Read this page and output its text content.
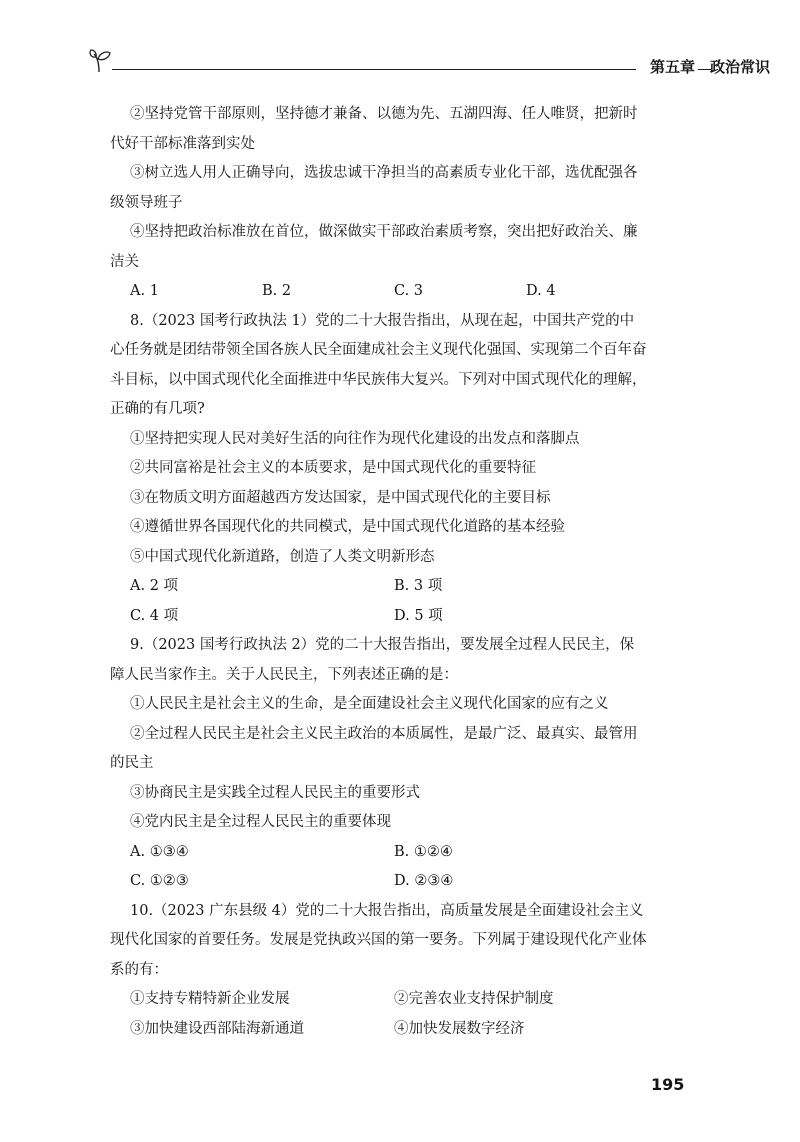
第五章　政治常识

②坚持党管干部原则，坚持德才兼备、以德为先、五湖四海、任人唯贤，把新时

代好干部标准落到实处

③树立选人用人正确导向，选拔忠诚干净担当的高素质专业化干部，选优配强各

级领导班子

④坚持把政治标准放在首位，做深做实干部政治素质考察，突出把好政治关、廉

洁关

A. 1	B. 2	C. 3	D. 4

8.（2023 国考行政执法 1）党的二十大报告指出，从现在起，中国共产党的中

心任务就是团结带领全国各族人民全面建成社会主义现代化强国、实现第二个百年奋

斗目标，以中国式现代化全面推进中华民族伟大复兴。下列对中国式现代化的理解，

正确的有几项?

①坚持把实现人民对美好生活的向往作为现代化建设的出发点和落脚点

②共同富裕是社会主义的本质要求，是中国式现代化的重要特征

③在物质文明方面超越西方发达国家，是中国式现代化的主要目标

④遵循世界各国现代化的共同模式，是中国式现代化道路的基本经验

⑤中国式现代化新道路，创造了人类文明新形态

A. 2 项	B. 3 项
C. 4 项	D. 5 项

9.（2023 国考行政执法 2）党的二十大报告指出，要发展全过程人民民主，保

障人民当家作主。关于人民民主，下列表述正确的是：

①人民民主是社会主义的生命，是全面建设社会主义现代化国家的应有之义

②全过程人民民主是社会主义民主政治的本质属性，是最广泛、最真实、最管用

的民主

③协商民主是实践全过程人民民主的重要形式

④党内民主是全过程人民民主的重要体现

A. ①③④	B. ①②④
C. ①②③	D. ②③④

10.（2023 广东县级 4）党的二十大报告指出，高质量发展是全面建设社会主义

现代化国家的首要任务。发展是党执政兴国的第一要务。下列属于建设现代化产业体

系的有：

①支持专精特新企业发展	②完善农业支持保护制度
③加快建设西部陆海新通道	④加快发展数字经济
195
